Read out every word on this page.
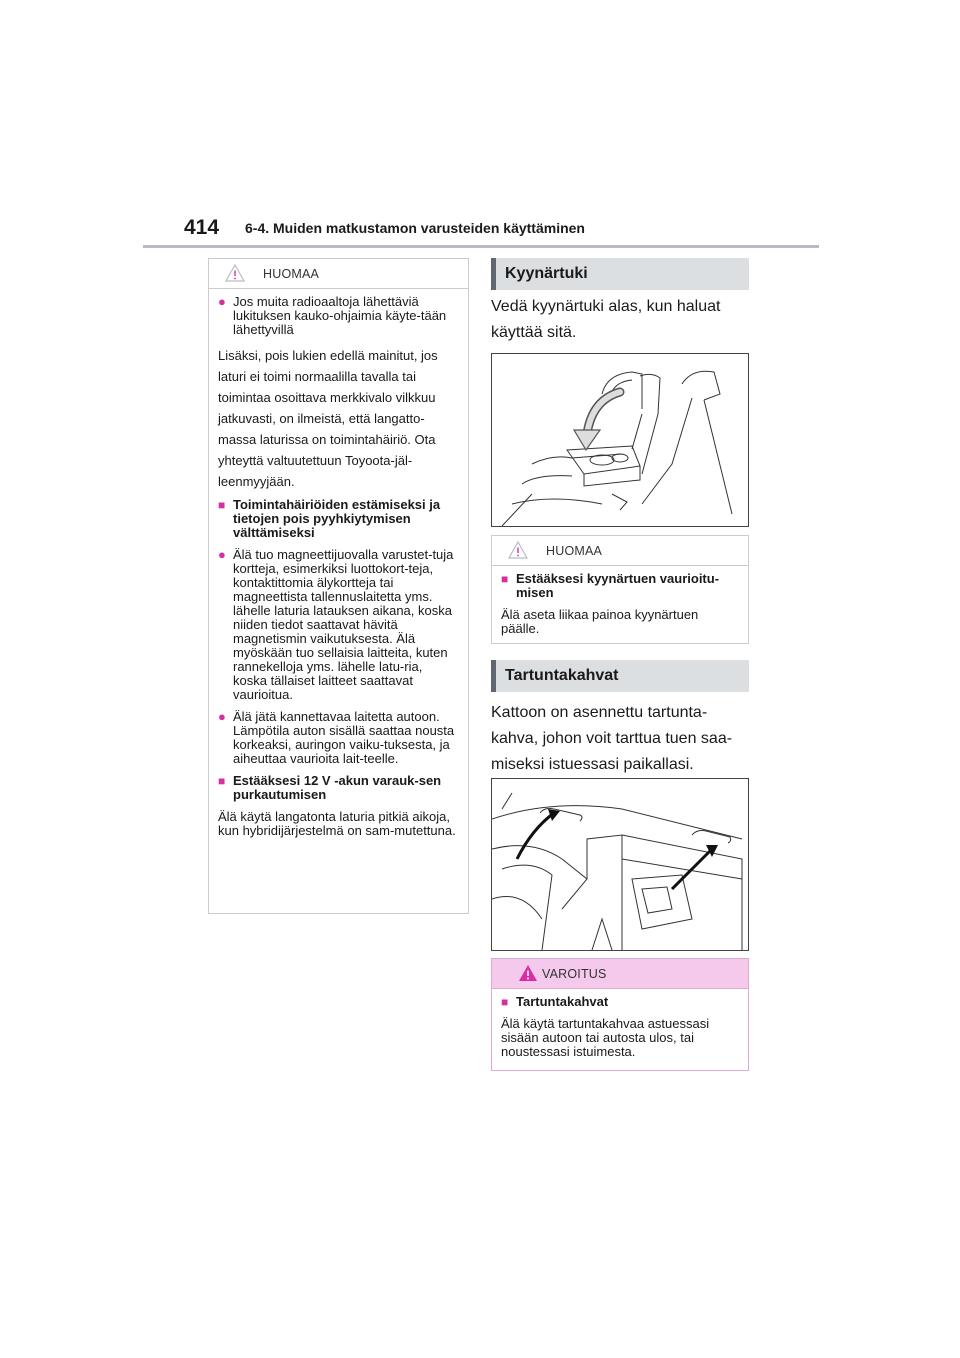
414 6-4. Muiden matkustamon varusteiden käyttäminen
HUOMAA
● Jos muita radioaaltoja lähettäviä lukituksen kauko-ohjaimia käyte-tään lähettyvillä
Lisäksi, pois lukien edellä mainitut, jos laturi ei toimi normaalilla tavalla tai toimintaa osoittava merkkivalo vilkkuu jatkuvasti, on ilmeistä, että langatto-massa laturissa on toimintahäiriö. Ota yhteyttä valtuutettuun Toyoota-jäl-leenmyyjään.
■ Toimintahäiriöiden estämiseksi ja tietojen pois pyyhkiytymisen välttämiseksi
● Älä tuo magneettijuovalla varustet-tuja kortteja, esimerkiksi luottokort-teja, kontaktittomia älykortteja tai magneettista tallennuslaitetta yms. lähelle laturia latauksen aikana, koska niiden tiedot saattavat hävitä magnetismin vaikutuksesta. Älä myöskään tuo sellaisia laitteita, kuten rannekelloja yms. lähelle latu-ria, koska tällaiset laitteet saattavat vaurioitua.
● Älä jätä kannettavaa laitetta autoon. Lämpötila auton sisällä saattaa nousta korkeaksi, auringon vaiku-tuksesta, ja aiheuttaa vaurioita lait-teelle.
■ Estääksesi 12 V -akun varauk-sen purkautumisen
Älä käytä langatonta laturia pitkiä aikoja, kun hybridijärjestelmä on sam-mutettuna.
Kyynärtuki
Vedä kyynärtuki alas, kun haluat käyttää sitä.
HUOMAA
■ Estääksesi kyynärtuen vaurioitu-misen
Älä aseta liikaa painoa kyynärtuen päälle.
Tartuntakahvat
Kattoon on asennettu tartunta-kahva, johon voit tarttua tuen saa-miseksi istuessasi paikallasi.
VAROITUS
■ Tartuntakahvat
Älä käytä tartuntakahvaa astuessasi sisään autoon tai autosta ulos, tai noustessasi istuimesta.
